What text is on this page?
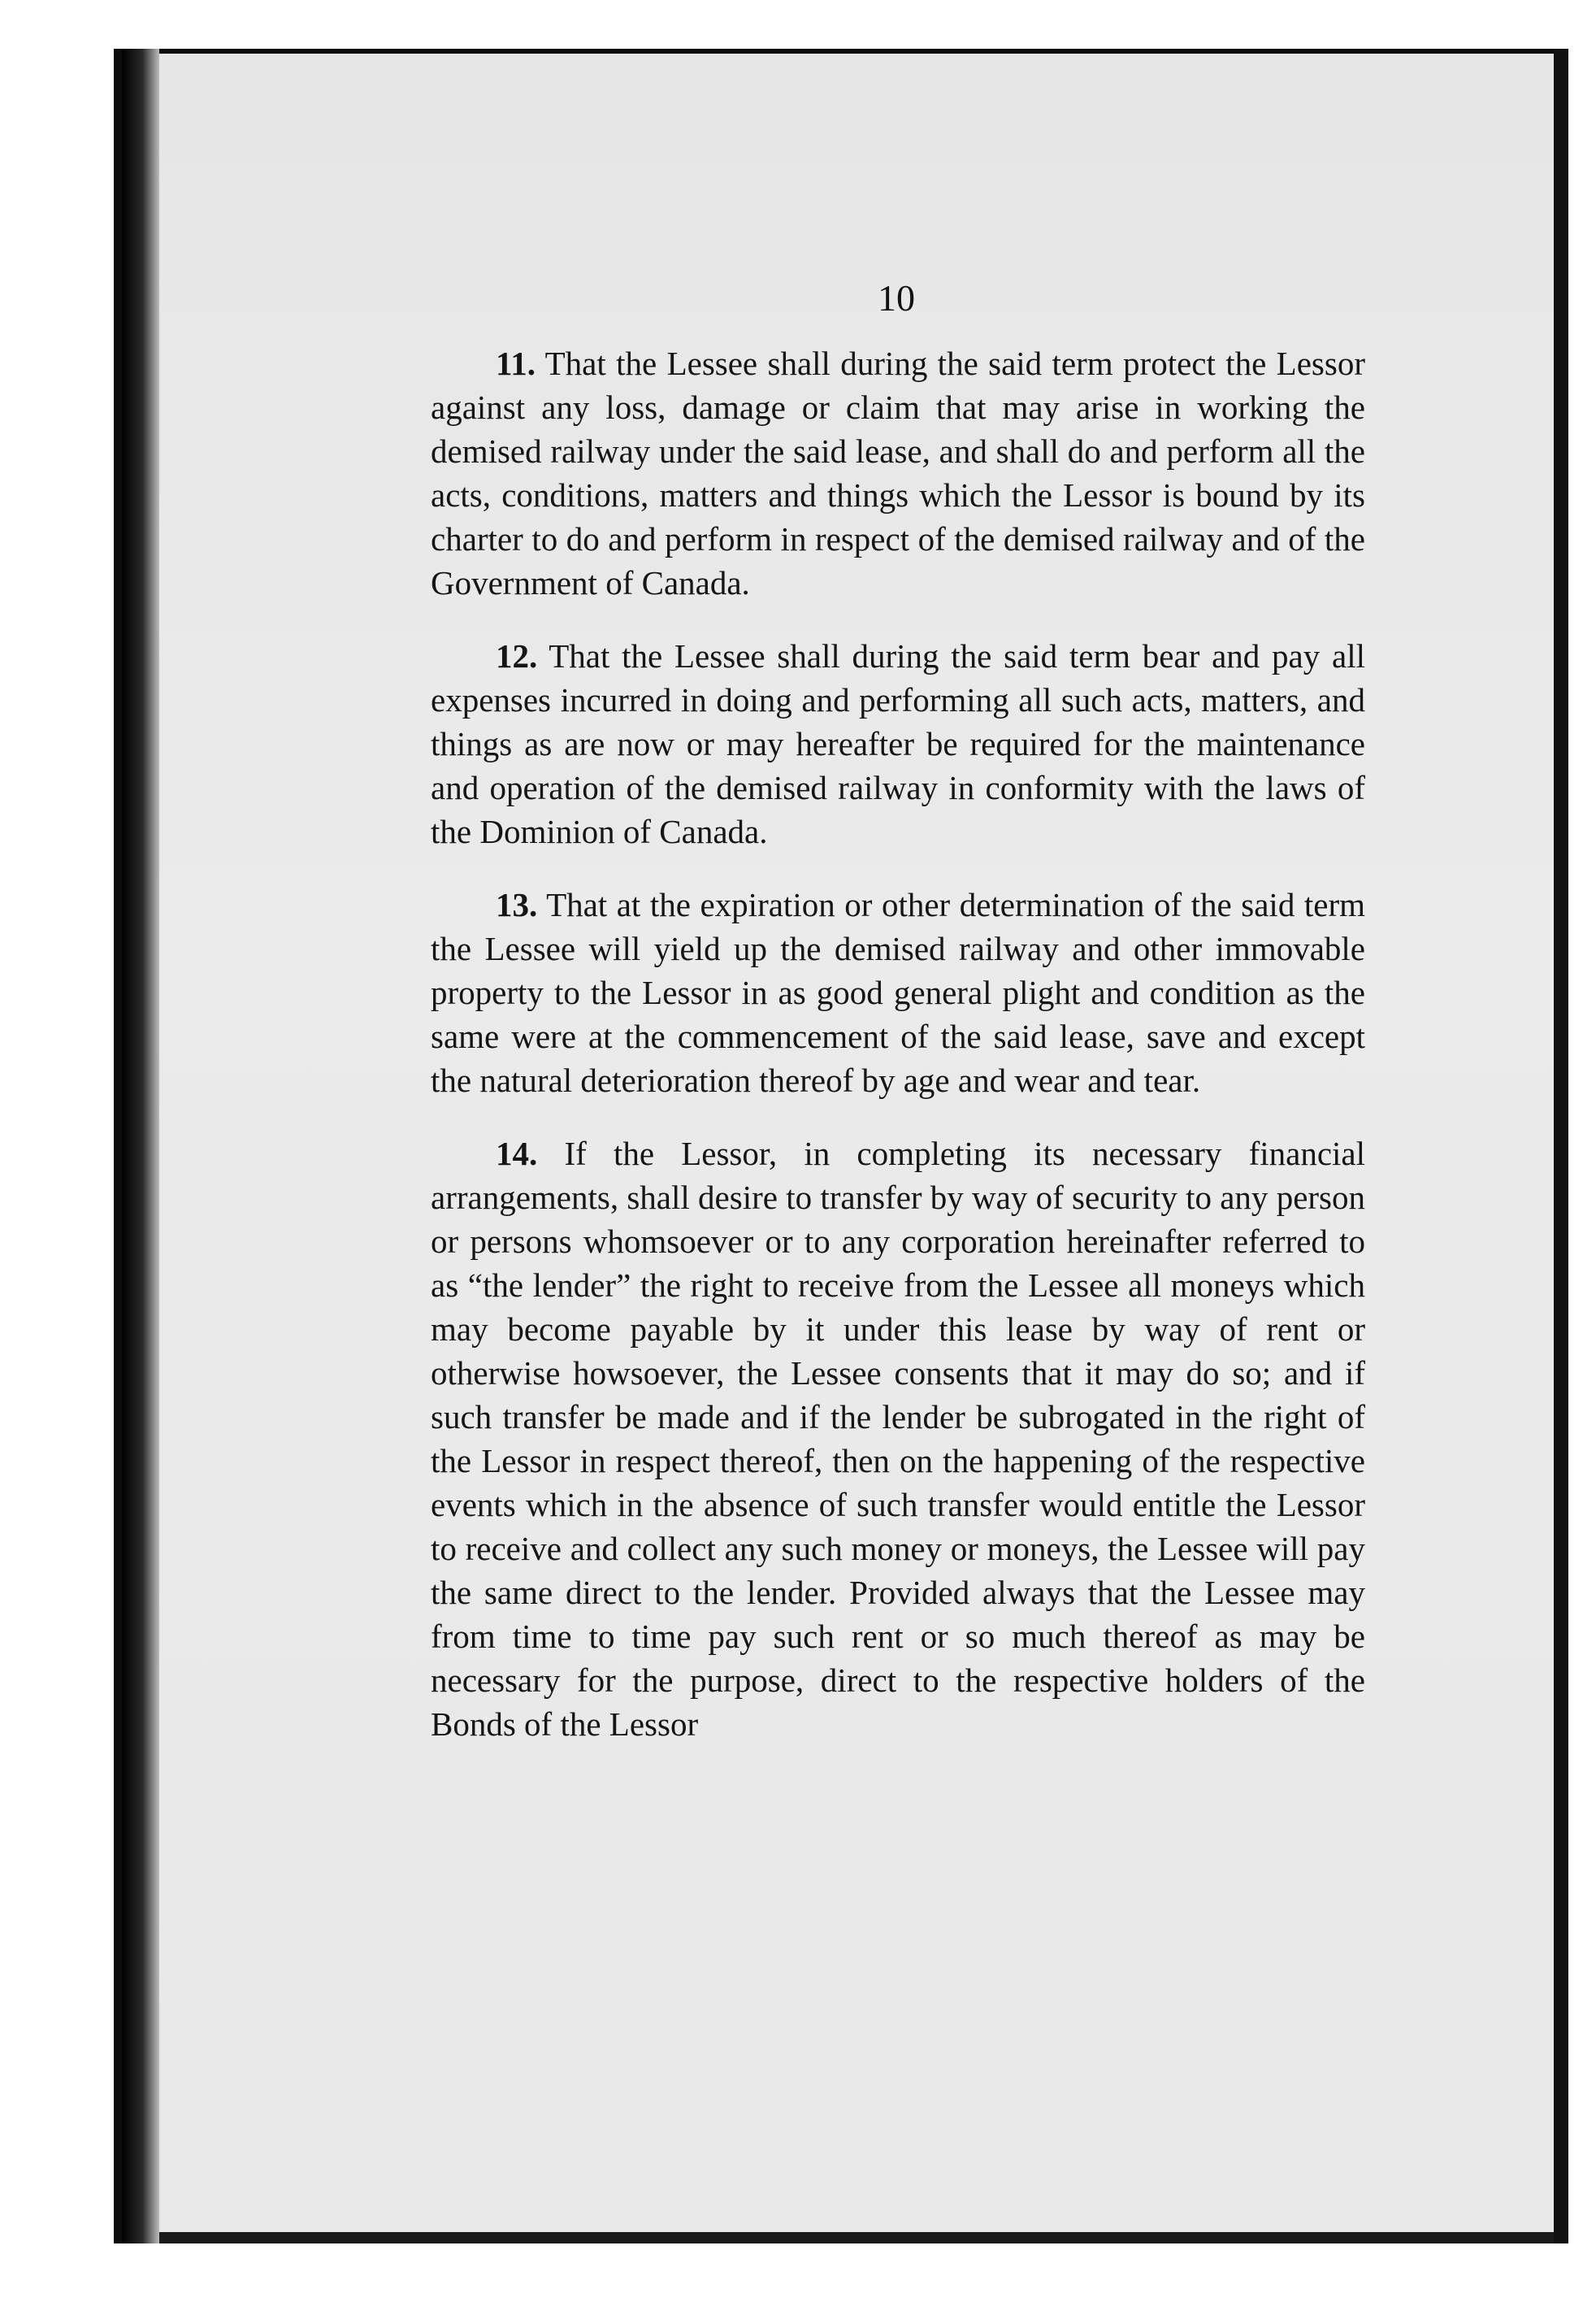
10

11. That the Lessee shall during the said term protect the Lessor against any loss, damage or claim that may arise in working the demised railway under the said lease, and shall do and perform all the acts, conditions, matters and things which the Lessor is bound by its charter to do and perform in respect of the demised railway and of the Government of Canada.

12. That the Lessee shall during the said term bear and pay all expenses incurred in doing and performing all such acts, matters, and things as are now or may hereafter be required for the maintenance and operation of the demised railway in conformity with the laws of the Dominion of Canada.

13. That at the expiration or other determination of the said term the Lessee will yield up the demised railway and other immovable property to the Lessor in as good general plight and condition as the same were at the commencement of the said lease, save and except the natural deterioration thereof by age and wear and tear.

14. If the Lessor, in completing its necessary financial arrangements, shall desire to transfer by way of security to any person or persons whomsoever or to any corporation hereinafter referred to as “the lender” the right to receive from the Lessee all moneys which may become payable by it under this lease by way of rent or otherwise howsoever, the Lessee consents that it may do so; and if such transfer be made and if the lender be subrogated in the right of the Lessor in respect thereof, then on the happening of the respective events which in the absence of such transfer would entitle the Lessor to receive and collect any such money or moneys, the Lessee will pay the same direct to the lender. Provided always that the Lessee may from time to time pay such rent or so much thereof as may be necessary for the purpose, direct to the respective holders of the Bonds of the Lessor
